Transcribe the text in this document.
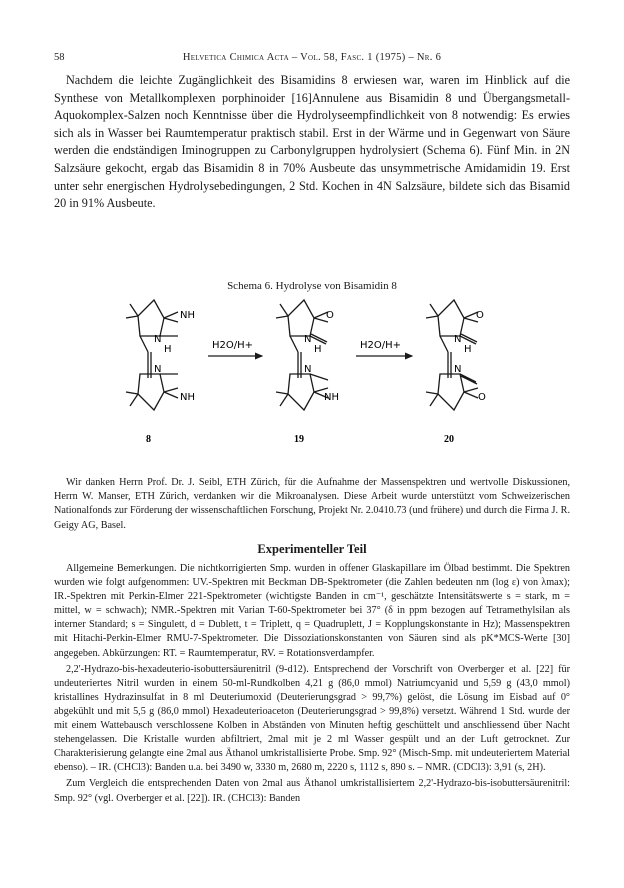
58	Helvetica Chimica Acta – Vol. 58, Fasc. 1 (1975) – Nr. 6

Nachdem die leichte Zugänglichkeit des Bisamidins 8 erwiesen war, waren im Hinblick auf die Synthese von Metallkomplexen porphinoider [16]Annulene aus Bisamidin 8 und Übergangsmetall-Aquokomplex-Salzen noch Kenntnisse über die Hydrolyseempfindlichkeit von 8 notwendig: Es erwies sich als in Wasser bei Raumtemperatur praktisch stabil. Erst in der Wärme und in Gegenwart von Säure werden die endständigen Iminogruppen zu Carbonylgruppen hydrolysiert (Schema 6). Fünf Min. in 2N Salzsäure gekocht, ergab das Bisamidin 8 in 70% Ausbeute das unsymmetrische Amidamidin 19. Erst unter sehr energischen Hydrolysebedingungen, 2 Std. Kochen in 4N Salzsäure, bildete sich das Bisamid 20 in 91% Ausbeute.

Schema 6. Hydrolyse von Bisamidin 8
NH
N
H
N
NH
8
H2O/H+
O
N
H
N
NH
19
H2O/H+
O
N
H
N
O
20

Wir danken Herrn Prof. Dr. J. Seibl, ETH Zürich, für die Aufnahme der Massenspektren und wertvolle Diskussionen, Herrn W. Manser, ETH Zürich, verdanken wir die Mikroanalysen. Diese Arbeit wurde unterstützt vom Schweizerischen Nationalfonds zur Förderung der wissenschaftlichen Forschung, Projekt Nr. 2.0410.73 (und frühere) und durch die Firma J. R. Geigy AG, Basel.

Experimenteller Teil

Allgemeine Bemerkungen. Die nichtkorrigierten Smp. wurden in offener Glaskapillare im Ölbad bestimmt. Die Spektren wurden wie folgt aufgenommen: UV.-Spektren mit Beckman DB-Spektrometer (die Zahlen bedeuten nm (log ε) von λmax); IR.-Spektren mit Perkin-Elmer 221-Spektrometer (wichtigste Banden in cm⁻¹, geschätzte Intensitätswerte s = stark, m = mittel, w = schwach); NMR.-Spektren mit Varian T-60-Spektrometer bei 37° (δ in ppm bezogen auf Tetramethylsilan als interner Standard; s = Singulett, d = Dublett, t = Triplett, q = Quadruplett, J = Kopplungskonstante in Hz); Massenspektren mit Hitachi-Perkin-Elmer RMU-7-Spektrometer. Die Dissoziationskonstanten von Säuren sind als pK*MCS-Werte [30] angegeben. Abkürzungen: RT. = Raumtemperatur, RV. = Rotationsverdampfer.

2,2'-Hydrazo-bis-hexadeuterio-isobuttersäurenitril (9-d12). Entsprechend der Vorschrift von Overberger et al. [22] für undeuteriertes Nitril wurden in einem 50-ml-Rundkolben 4,21 g (86,0 mmol) Natriumcyanid und 5,59 g (43,0 mmol) kristallines Hydrazinsulfat in 8 ml Deuteriumoxid (Deuterierungsgrad > 99,7%) gelöst, die Lösung im Eisbad auf 0° abgekühlt und mit 5,5 g (86,0 mmol) Hexadeuterioaceton (Deuterierungsgrad > 99,8%) versetzt. Während 1 Std. wurde der mit einem Wattebausch verschlossene Kolben in Abständen von Minuten heftig geschüttelt und anschliessend über Nacht stehengelassen. Die Kristalle wurden abfiltriert, 2mal mit je 2 ml Wasser gespült und an der Luft getrocknet. Zur Charakterisierung gelangte eine 2mal aus Äthanol umkristallisierte Probe. Smp. 92° (Misch-Smp. mit undeuteriertem Material ebenso). – IR. (CHCl3): Banden u.a. bei 3490 w, 3330 m, 2680 m, 2220 s, 1112 s, 890 s. – NMR. (CDCl3): 3,91 (s, 2H).

Zum Vergleich die entsprechenden Daten von 2mal aus Äthanol umkristallisiertem 2,2'-Hydrazo-bis-isobuttersäurenitril: Smp. 92° (vgl. Overberger et al. [22]). IR. (CHCl3): Banden
